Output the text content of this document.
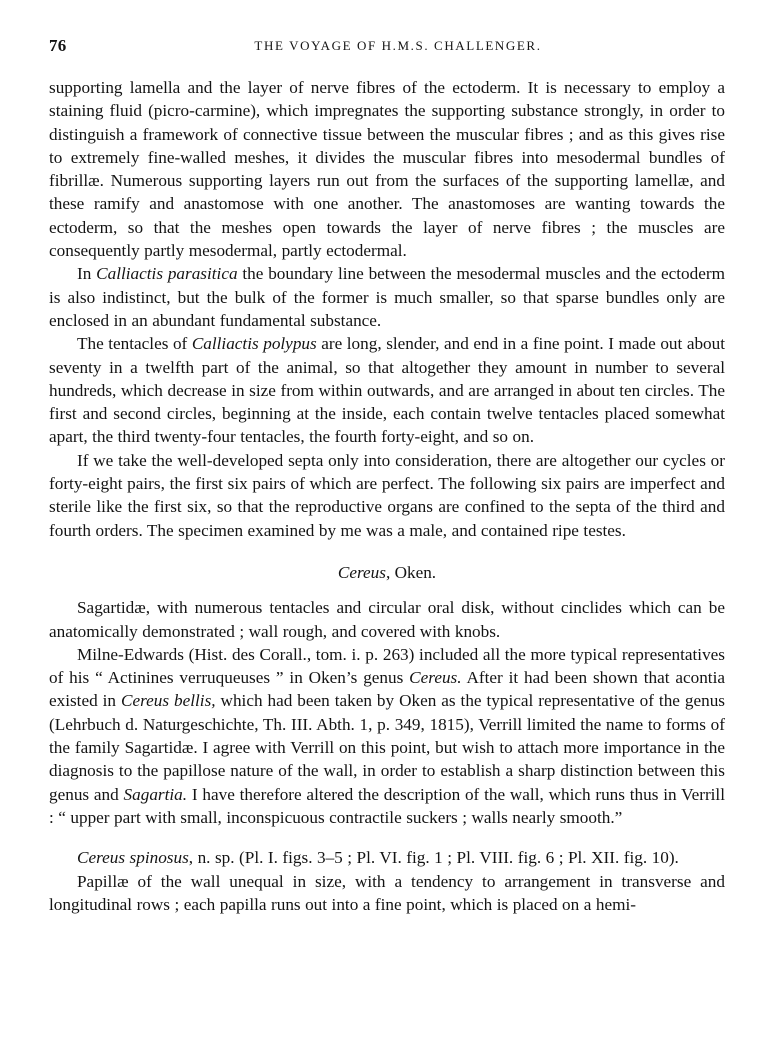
76	THE VOYAGE OF H.M.S. CHALLENGER.

supporting lamella and the layer of nerve fibres of the ectoderm. It is necessary to employ a staining fluid (picro-carmine), which impregnates the supporting substance strongly, in order to distinguish a framework of connective tissue between the muscular fibres ; and as this gives rise to extremely fine-walled meshes, it divides the muscular fibres into mesodermal bundles of fibrillæ. Numerous supporting layers run out from the surfaces of the supporting lamellæ, and these ramify and anastomose with one another. The anastomoses are wanting towards the ectoderm, so that the meshes open towards the layer of nerve fibres ; the muscles are consequently partly mesodermal, partly ectodermal.

In Calliactis parasitica the boundary line between the mesodermal muscles and the ectoderm is also indistinct, but the bulk of the former is much smaller, so that sparse bundles only are enclosed in an abundant fundamental substance.

The tentacles of Calliactis polypus are long, slender, and end in a fine point. I made out about seventy in a twelfth part of the animal, so that altogether they amount in number to several hundreds, which decrease in size from within outwards, and are arranged in about ten circles. The first and second circles, beginning at the inside, each contain twelve tentacles placed somewhat apart, the third twenty-four tentacles, the fourth forty-eight, and so on.

If we take the well-developed septa only into consideration, there are altogether our cycles or forty-eight pairs, the first six pairs of which are perfect. The following six pairs are imperfect and sterile like the first six, so that the reproductive organs are confined to the septa of the third and fourth orders. The specimen examined by me was a male, and contained ripe testes.

Cereus, Oken.

Sagartidæ, with numerous tentacles and circular oral disk, without cinclides which can be anatomically demonstrated ; wall rough, and covered with knobs.

Milne-Edwards (Hist. des Corall., tom. i. p. 263) included all the more typical representatives of his “ Actinines verruqueuses ” in Oken’s genus Cereus. After it had been shown that acontia existed in Cereus bellis, which had been taken by Oken as the typical representative of the genus (Lehrbuch d. Naturgeschichte, Th. III. Abth. 1, p. 349, 1815), Verrill limited the name to forms of the family Sagartidæ. I agree with Verrill on this point, but wish to attach more importance in the diagnosis to the papillose nature of the wall, in order to establish a sharp distinction between this genus and Sagartia. I have therefore altered the description of the wall, which runs thus in Verrill : “ upper part with small, inconspicuous contractile suckers ; walls nearly smooth.”

Cereus spinosus, n. sp. (Pl. I. figs. 3–5 ; Pl. VI. fig. 1 ; Pl. VIII. fig. 6 ; Pl. XII. fig. 10).

Papillæ of the wall unequal in size, with a tendency to arrangement in transverse and longitudinal rows ; each papilla runs out into a fine point, which is placed on a hemi-
